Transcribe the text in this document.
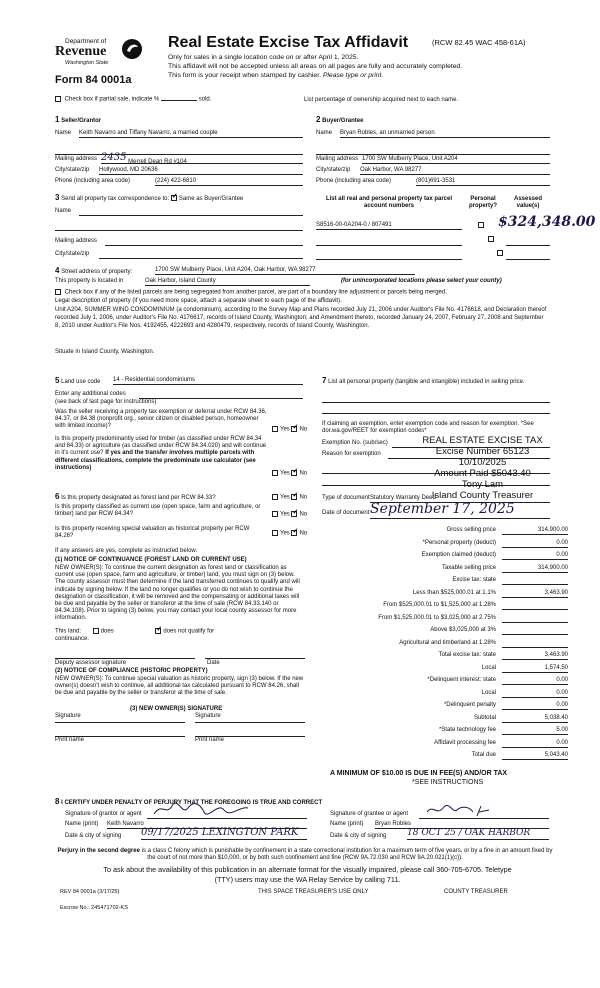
Department of
Revenue
Washington State
Form 84 0001a
Real Estate Excise Tax Affidavit	(RCW 82.45 WAC 458-61A)
Only for sales in a single location code on or after April 1, 2025.
This affidavit will not be accepted unless all areas on all pages are fully and accurately completed.
This form is your receipt when stamped by cashier. Please type or print.
Check box if partial sale, indicate %	sold.	List percentage of ownership acquired next to each name.
1 Seller/Grantor
Name Keith Navarro and Tiffany Navarro, a married couple
Mailing address 2435 Merrell Dean Rd #104
City/state/zip Hollywood, MD 20636
Phone (including area code)	(224) 422-6810
2 Buyer/Grantee
Name Bryan Robles, an unmarried person
Mailing address 1700 SW Mulberry Place, Unit A204
City/state/zip Oak Harbor, WA 98277
Phone (including area code)	(801)691-3531
3 Send all property tax correspondence to: ✓ Same as Buyer/Grantee
Name
Mailing address
City/state/zip
List all real and personal property tax parcel account numbers
Personal property?
Assessed value(s)
S8516-00-0A204-0 / 807491
	$324,348.00

4 Street address of property:	1700 SW Mulberry Place, Unit A204, Oak Harbor, WA 98277
This property is located in	Oak Harbor, Island County	(for unincorporated locations please select your county)
Check box if any of the listed parcels are being segregated from another parcel, are part of a boundary line adjustment or parcels being merged.
Legal description of property (if you need more space, attach a separate sheet to each page of the affidavit).
Unit A204, SUMMER WIND CONDOMINIUM (a condominium), according to the Survey Map and Plans recorded July 21, 2006 under Auditor's File No. 4176618, and Declaration thereof recorded July 1, 2006, under Auditor's File No. 4176617, records of Island County, Washington; and Amendment thereto, recorded January 24, 2007, February 27, 2008 and September 8, 2010 under Auditor's File Nos. 4192455, 4222693 and 4280479, respectively, records of Island County, Washington.
Situate in Island County, Washington.
5 Land use code 14 - Residential condominiums
Enter any additional codes
(see back of last page for instructions)
Was the seller receiving a property tax exemption or deferral under RCW 84.36, 84.37, or 84.38 (nonprofit org., senior citizen or disabled person, homeowner with limited income)?
Yes ✓ No
Is this property predominantly used for timber (as classified under RCW 84.34 and 84.33) or agriculture (as classified under RCW 84.34.020) and will continue in it's current use? If yes and the transfer involves multiple parcels with different classifications, complete the predominate use calculator (see instructions)
Yes ✓ No
7 List all personal property (tangible and intangible) included in selling price.
If claiming an exemption, enter exemption code and reason for exemption. *See dor.wa.gov/REET for exemption codes*
Exemption No. (sub/sec)
Reason for exemption
REAL ESTATE EXCISE TAX
Excise Number 65123
10/10/2025
Amount Paid $5043.40
Tony Lam
Island County Treasurer
Type of document Statutory Warranty Deed
Date of document September 17, 2025
6 Is this property designated as forest land per RCW 84.33?	Yes ✓ No
Is this property classified as current use (open space, farm and agriculture, or timber) land per RCW 84.34?	Yes ✓ No
Is this property receiving special valuation as historical property per RCW 84.26?	Yes ✓ No
If any answers are yes, complete as instructed below.
(1) NOTICE OF CONTINUANCE (FOREST LAND OR CURRENT USE)
NEW OWNER(S): To continue the current designation as forest land or classification as current use (open space, farm and agriculture, or timber) land, you must sign on (3) below. The county assessor must then determine if the land transferred continues to qualify and will indicate by signing below. If the land no longer qualifies or you do not wish to continue the designation or classification, it will be removed and the compensating or additional taxes will be due and payable by the seller or transferor at the time of sale (RCW 84.33.140 or 84.34.108). Prior to signing (3) below, you may contact your local county assessor for more information.
This land:	does ✓	does not qualify for
continuance.
Deputy assessor signature	Date
(2) NOTICE OF COMPLIANCE (HISTORIC PROPERTY)
NEW OWNER(S): To continue special valuation as historic property, sign (3) below. If the new owner(s) doesn't wish to continue, all additional tax calculated pursuant to RCW 84.26, shall be due and payable by the seller or transferor at the time of sale.
(3) NEW OWNER(S) SIGNATURE
Signature	Signature
Print name	Print name
Gross selling price	314,900.00
*Personal property (deduct)	0.00
Exemption claimed (deduct)	0.00
Taxable selling price	314,900.00
Excise tax: state
Less than $525,000.01 at 1.1%	3,463.90
From $525,000.01 to $1,525,000 at 1.28%
From $1,525,000.01 to $3,025,000 at 2.75%
Above $3,025,000 at 3%
Agricultural and timberland at 1.28%
Total excise tax: state	3,463.90
Local	1,574.50
*Delinquent interest: state	0.00
Local	0.00
*Delinquent penalty	0.00
Subtotal	5,038.40
*State technology fee	5.00
Affidavit processing fee	0.00
Total due	5,043.40
A MINIMUM OF $10.00 IS DUE IN FEE(S) AND/OR TAX
*SEE INSTRUCTIONS
8 I CERTIFY UNDER PENALTY OF PERJURY THAT THE FOREGOING IS TRUE AND CORRECT
Signature of grantor or agent
Name (print) Keith Navarro
Date & city of signing 09/17/2025 LEXINGTON PARK
Signature of grantee or agent
Name (print) Bryan Robles
Date & city of signing 18 OCT 25 / OAK HARBOR
Perjury in the second degree is a class C felony which is punishable by confinement in a state correctional institution for a maximum term of five years, or by a fine in an amount fixed by the court of not more than $10,000, or by both such confinement and fine (RCW 9A.72.030 and RCW 9A.20.021(1)(c)).
To ask about the availability of this publication in an alternate format for the visually impaired, please call 360-705-6705. Teletype
(TTY) users may use the WA Relay Service by calling 711.
REV 84 0001a (3/17/25)	THIS SPACE TREASURER'S USE ONLY	COUNTY TREASURER
Escrow No.: 245471702-KS
